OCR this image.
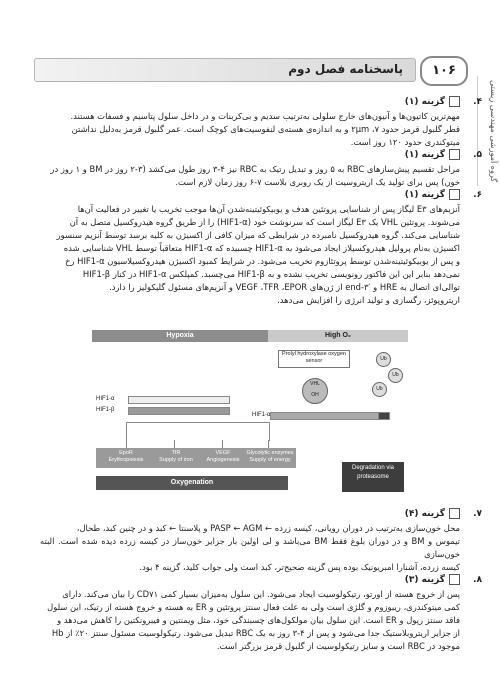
پاسخنامه فصل دوم	۱۰۶
گروه آموزشی مهندسی زیستی
۴.
گزینه (۱)

مهم‌ترین کاتیون‌ها و آنیون‌های خارج سلولی به‌ترتیب سدیم و بی‌کربنات و در داخل سلول پتاسیم و فسفات هستند.

قطر گلبول قرمز حدود ۲μm ،۷ و به اندازه‌ی هسته‌ی لنفوسیت‌های کوچک است. عمر گلبول قرمز به‌دلیل نداشتن

میتوکندری حدود ۱۲۰ روز است.

۵.
گزینه (۱)

مراحل تقسیم پیش‌سازهای RBC به ۵ روز و تبدیل رتیک به RBC نیز ۴-۳ روز طول می‌کشد (۳-۲ روز در BM و ۱ روز در

خون) پس برای تولید یک اریتروسیت از یک روبری بلاست ۷-۶ روز زمان لازم است.

۶.
گزینه (۱)

آنزیم‌های E۳ لیگاز پس از شناسایی پروتئین هدف و یوبیکوئیتینه‌شدن آن‌ها موجب تخریب یا تغییر در فعالیت آن‌ها

می‌شوند. پروتئین VHL یک E۳ لیگاز است که سرنوشت خود (HIF1-α) را از طریق گروه هیدروکسیل متصل به آن

شناسایی می‌کند. گروه هیدروکسیل نامبرده در شرایطی که میزان کافی از اکسیژن به کلیه برسد توسط آنزیم سنسور

اکسیژن به‌نام پرولیل هیدروکسیلاز ایجاد می‌شود به HIF1-α چسبیده که HIF1-α متعاقباً توسط VHL شناسایی شده

و پس از یوبیکوئیتینه‌شدن توسط پروتئازوم تخریب می‌شود. در شرایط کمبود اکسیژن هیدروکسیلاسیون HIF1-α رخ

نمی‌دهد بنابر این این فاکتور رونویسی تخریب نشده و به HIF1-β می‌چسبد. کمپلکس HIF1-α در کنار HIF1-β

توالی‌ای اتصال به HRE و ′۳-end از ژن‌های VEGF ،TFR ،EPOR و آنزیم‌های مسئول گلیکولیز را دارد.

اریتروپوئز، رگسازی و تولید انرژی را افزایش می‌دهد.

Hypoxia	High O₂
Prolyl hydroxylase oxygen sensor	Ub
Ub
Ub
VHL
OH
HIF1-α
HIF1-α
HIF1-β
EpoR
Erythropoiesis
TfR
Supply of iron
VEGF
Angiogenesis
Glycolytic enzymes
Supply of energy
Oxygenation
Degradation via proteasome
۷.
گزینه (۴)

محل خون‌سازی به‌ترتیب در دوران رویانی، کیسه زرده ← PASP ← AGM و پلاسنتا ← کبد و در چنین کبد، طحال،

تیموس و BM و در دوران بلوغ فقط BM می‌باشد و لی اولین بار جزایر خون‌ساز در کیسه زرده دیده شده است. البته خون‌سازی

کیسه زرده، آشنارا امبریونیک بوده پس گزینه صحیح‌تر، کبد است ولی جواب کلید، گزینه ۴ بود.

۸.
گزینه (۳)

پس از خروج هسته از اورتو، رتیکولوسیت ایجاد می‌شود. این سلول به‌میزان بسیار کمی CD۷۱ را بیان می‌کند. دارای

کمی میتوکندری، ریبوزوم و گلژی است ولی به علت فعال سنتز پروتئین و ER به هسته و خروج هسته از رتیک، این سلول

فاقد سنتز رپول و ER است. این سلول بیان مولکول‌های چسبندگی خود، مثل ویمنتین و فیبرونکتین را کاهش می‌دهد و

از جزایر اریتروبلاستیک جدا می‌شود و پس از ۴-۳ روز به یک RBC تبدیل می‌شود. رتیکولوسیت مسئول سنتز ۲۰٪ از Hb

موجود در RBC است و سایز رتیکولوسیت از گلبول قرمز بزرگتر است.
